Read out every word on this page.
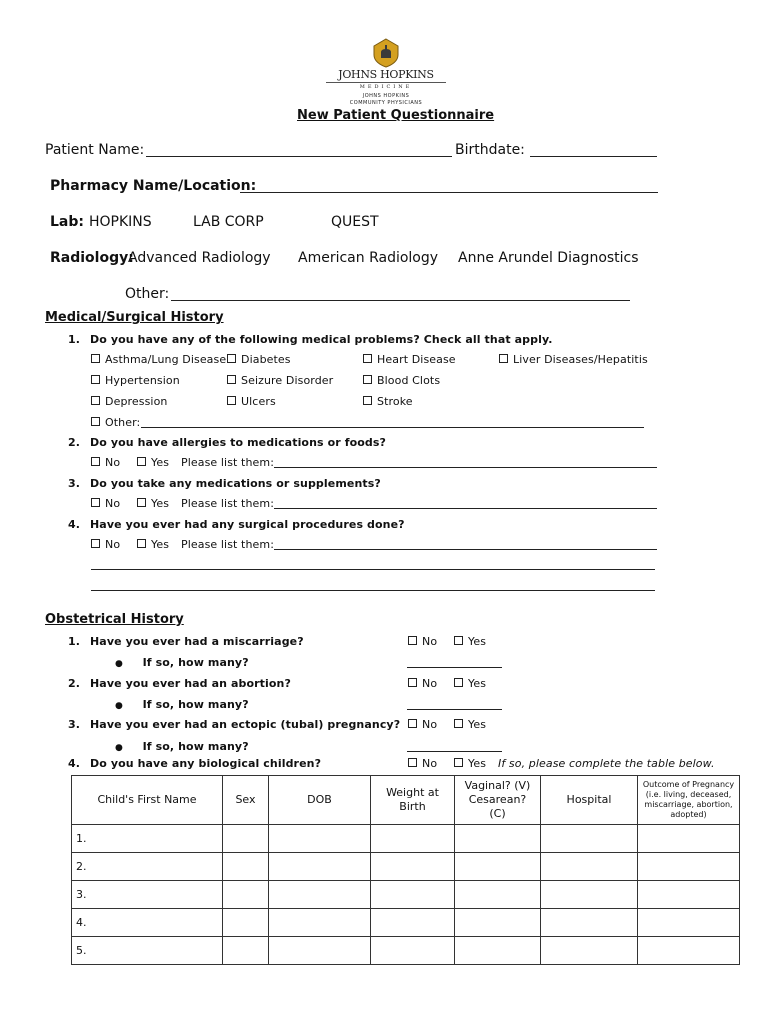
JOHNS HOPKINS
MEDICINE
JOHNS HOPKINS
COMMUNITY PHYSICIANS
New Patient Questionnaire
Patient Name:	Birthdate:
Pharmacy Name/Location:
Lab: HOPKINS	LAB CORP	QUEST
Radiology:
Advanced Radiology American Radiology Anne Arundel Diagnostics
Other:
Medical/Surgical History
1. Do you have any of the following medical problems? Check all that apply.
Asthma/Lung Disease	Diabetes	Heart Disease	Liver Diseases/Hepatitis
Hypertension	Seizure Disorder	Blood Clots
Depression	Ulcers	Stroke
Other:
2. Do you have allergies to medications or foods?
No	Yes Please list them:
3. Do you take any medications or supplements?
No	Yes Please list them:
4. Have you ever had any surgical procedures done?
No	Yes Please list them:
Obstetrical History
1. Have you ever had a miscarriage?	No	Yes
● If so, how many?
2. Have you ever had an abortion?	No	Yes
● If so, how many?
3. Have you ever had an ectopic (tubal) pregnancy?	No	Yes
● If so, how many?
4. Do you have any biological children?	No	Yes If so, please complete the table below.
Child's First Name	Sex	DOB	Weight at Birth	Vaginal? (V) Cesarean? (C)	Hospital	Outcome of Pregnancy (i.e. living, deceased, miscarriage, abortion, adopted)
1.						
2.						
3.						
4.						
5.						
